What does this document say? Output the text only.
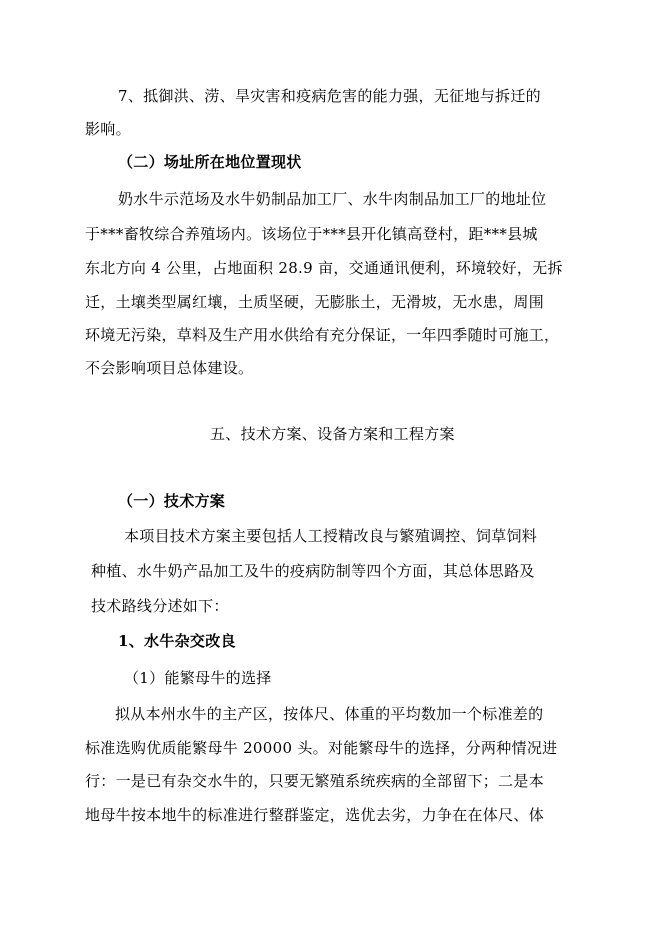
7、抵御洪、涝、旱灾害和疫病危害的能力强，无征地与拆迁的
影响。
（二）场址所在地位置现状
奶水牛示范场及水牛奶制品加工厂、水牛肉制品加工厂的地址位
于***畜牧综合养殖场内。该场位于***县开化镇高登村，距***县城
东北方向 4 公里，占地面积 28.9 亩，交通通讯便利，环境较好，无拆
迁，土壤类型属红壤，土质坚硬，无膨胀土，无滑坡，无水患，周围
环境无污染，草料及生产用水供给有充分保证，一年四季随时可施工，
不会影响项目总体建设。
五、技术方案、设备方案和工程方案
（一）技术方案
本项目技术方案主要包括人工授精改良与繁殖调控、饲草饲料
种植、水牛奶产品加工及牛的疫病防制等四个方面，其总体思路及
技术路线分述如下：
1、水牛杂交改良
（1）能繁母牛的选择
拟从本州水牛的主产区，按体尺、体重的平均数加一个标准差的
标准选购优质能繁母牛 20000 头。对能繁母牛的选择，分两种情况进
行：一是已有杂交水牛的，只要无繁殖系统疾病的全部留下；二是本
地母牛按本地牛的标准进行整群鉴定，选优去劣，力争在在体尺、体
